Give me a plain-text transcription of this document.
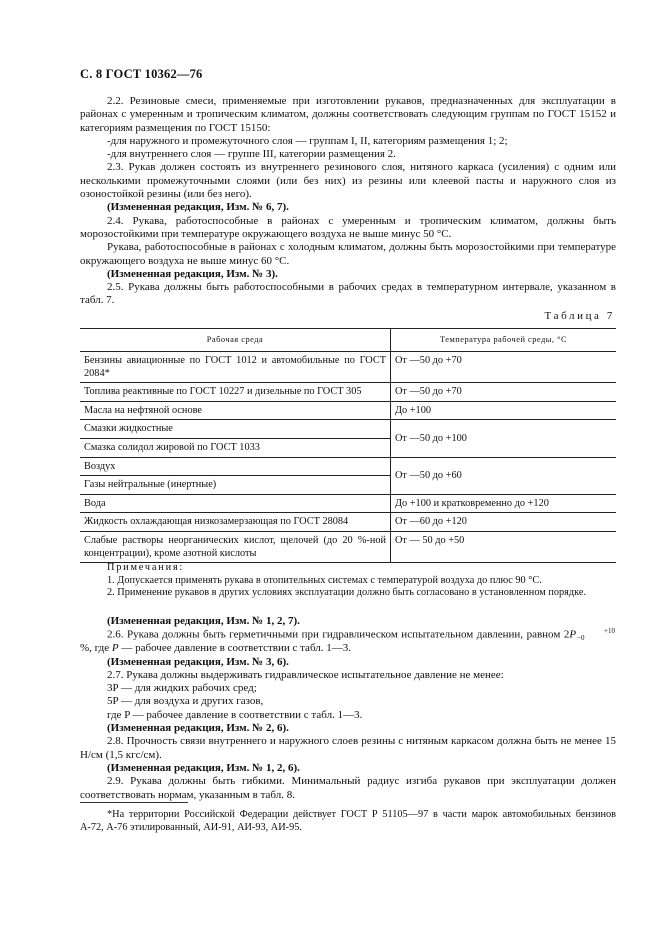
С. 8 ГОСТ 10362—76

2.2. Резиновые смеси, применяемые при изготовлении рукавов, предназначенных для эксплуатации в районах с умеренным и тропическим климатом, должны соответствовать следующим группам по ГОСТ 15152 и категориям размещения по ГОСТ 15150:

-для наружного и промежуточного слоя — группам I, II, категориям размещения 1; 2;

-для внутреннего слоя — группе III, категории размещения 2.

2.3. Рукав должен состоять из внутреннего резинового слоя, нитяного каркаса (усиления) с одним или несколькими промежуточными слоями (или без них) из резины или клеевой пасты и наружного слоя из озоностойкой резины (или без него).

(Измененная редакция, Изм. № 6, 7).

2.4. Рукава, работоспособные в районах с умеренным и тропическим климатом, должны быть морозостойкими при температуре окружающего воздуха не выше минус 50 °С.

Рукава, работоспособные в районах с холодным климатом, должны быть морозостойкими при температуре окружающего воздуха не выше минус 60 °С.

(Измененная редакция, Изм. № 3).

2.5. Рукава должны быть работоспособными в рабочих средах в температурном интервале, указанном в табл. 7.

Таблица 7
Рабочая среда	Температура рабочей среды, °С
Бензины авиационные по ГОСТ 1012 и автомобильные по ГОСТ 2084*	От —50 до +70
Топлива реактивные по ГОСТ 10227 и дизельные по ГОСТ 305	От —50 до +70
Масла на нефтяной основе	До +100
Смазки жидкостные	От —50 до +100
Смазка солидол жировой по ГОСТ 1033	
Воздух	От —50 до +60
Газы нейтральные (инертные)	
Вода	До +100 и кратковременно до +120
Жидкость охлаждающая низкозамерзающая по ГОСТ 28084	От —60 до +120
Слабые растворы неорганических кислот, щелочей (до 20 %-ной концентрации), кроме азотной кислоты	От — 50 до +50

Примечания:

1. Допускается применять рукава в отопительных системах с температурой воздуха до плюс 90 °С.

2. Применение рукавов в других условиях эксплуатации должно быть согласовано в установленном порядке.

(Измененная редакция, Изм. № 1, 2, 7).

2.6. Рукава должны быть герметичными при гидравлическом испытательном давлении, равном 2P	+10
−0 %, где P — рабочее давление в соответствии с табл. 1—3.

(Измененная редакция, Изм. № 3, 6).

2.7. Рукава должны выдерживать гидравлическое испытательное давление не менее:

3P — для жидких рабочих сред;

5P — для воздуха и других газов,

где P — рабочее давление в соответствии с табл. 1—3.

(Измененная редакция, Изм. № 2, 6).

2.8. Прочность связи внутреннего и наружного слоев резины с нитяным каркасом должна быть не менее 15 Н/см (1,5 кгс/см).

(Измененная редакция, Изм. № 1, 2, 6).

2.9. Рукава должны быть гибкими. Минимальный радиус изгиба рукавов при эксплуатации должен соответствовать нормам, указанным в табл. 8.

*На территории Российской Федерации действует ГОСТ Р 51105—97 в части марок автомобильных бензинов А-72, А-76 этилированный, АИ-91, АИ-93, АИ-95.
